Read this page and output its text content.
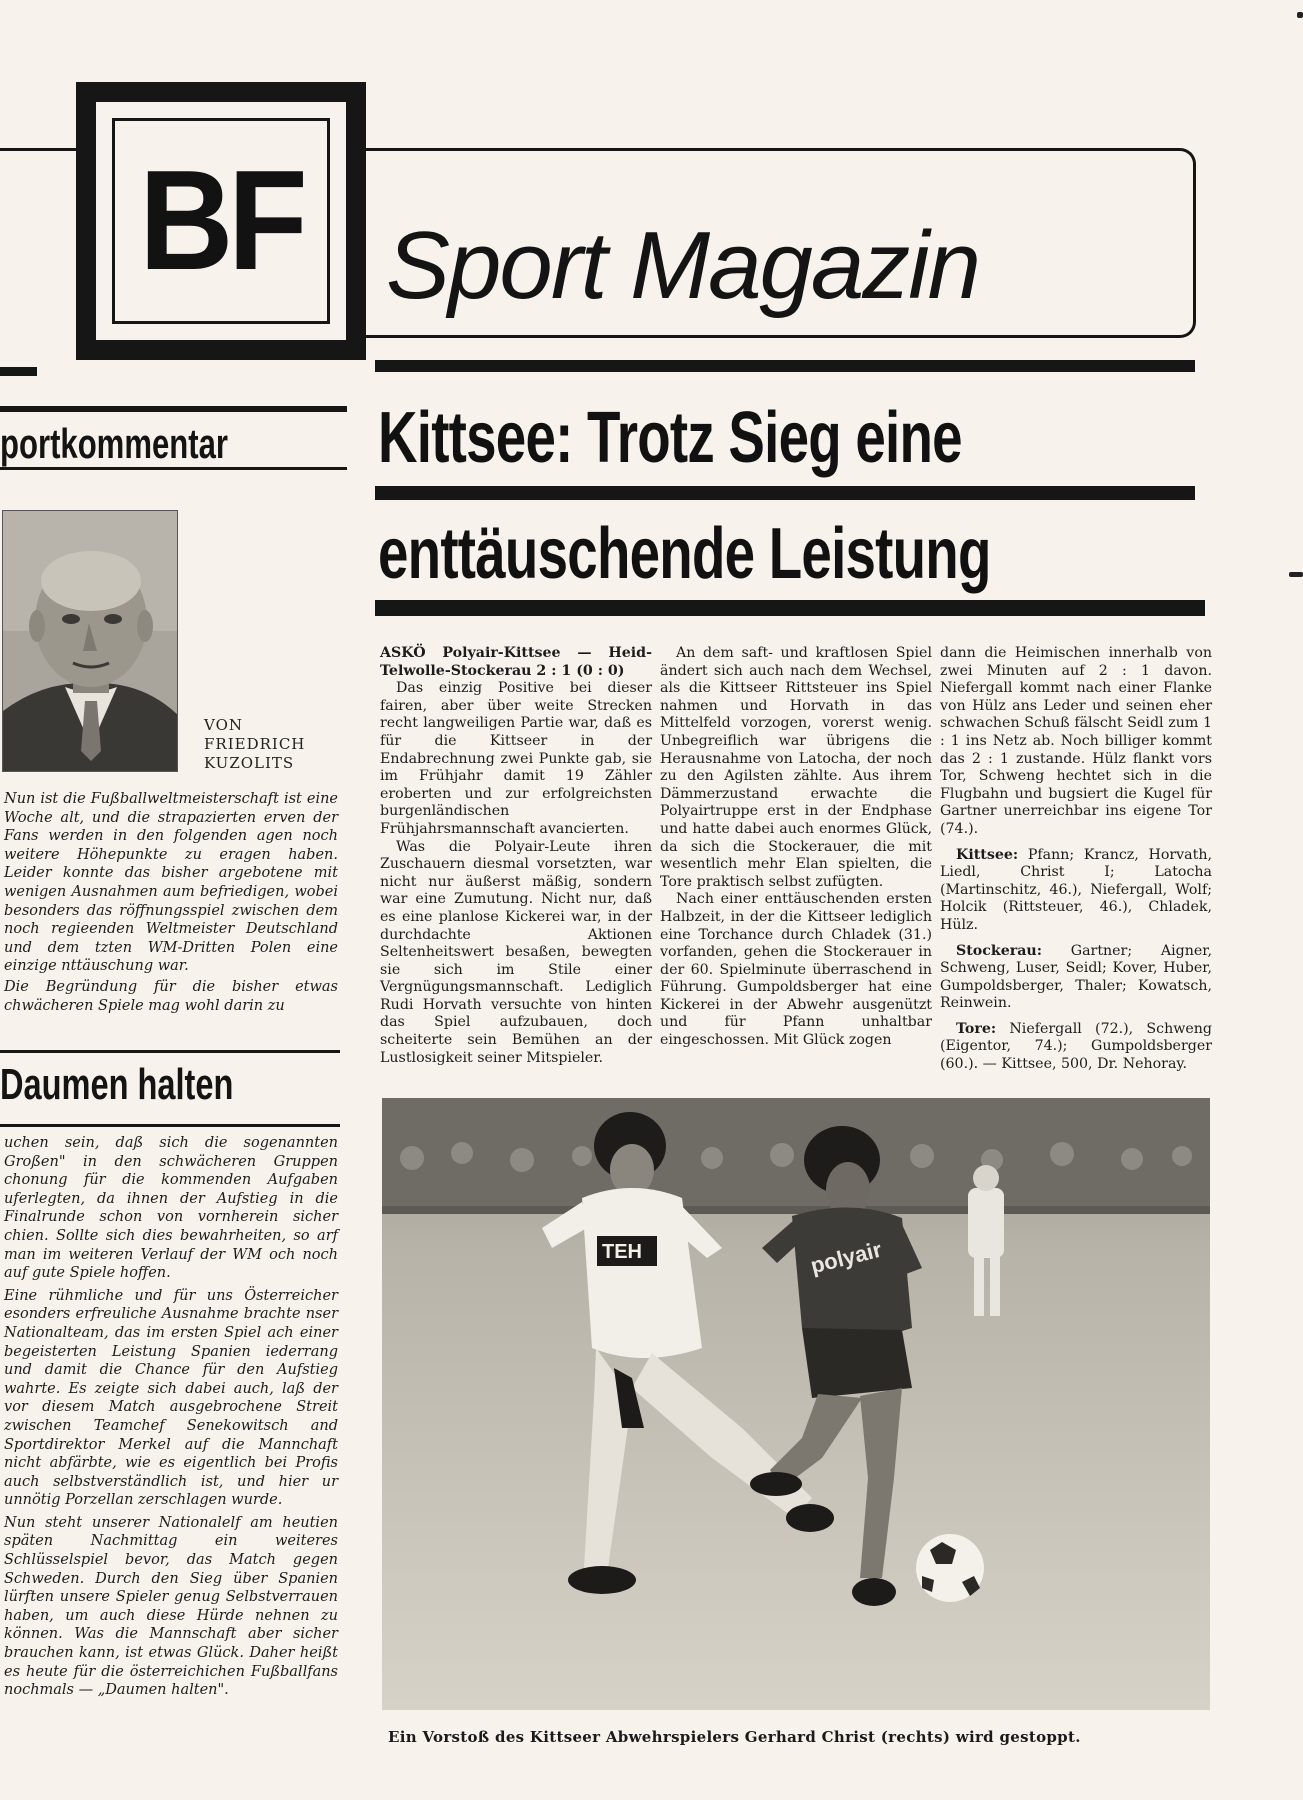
BF Sport Magazin
portkommentar
VON
FRIEDRICH
KUZOLITS

Nun ist die Fußballweltmeisterschaft ist eine Woche alt, und die strapazierten erven der Fans werden in den folgenden agen noch weitere Höhepunkte zu eragen haben. Leider konnte das bisher argebotene mit wenigen Ausnahmen aum befriedigen, wobei besonders das röffnungsspiel zwischen dem noch regieenden Weltmeister Deutschland und dem tzten WM-Dritten Polen eine einzige nttäuschung war.

Die Begründung für die bisher etwas chwächeren Spiele mag wohl darin zu

Daumen halten

uchen sein, daß sich die sogenannten Großen" in den schwächeren Gruppen chonung für die kommenden Aufgaben uferlegten, da ihnen der Aufstieg in die Finalrunde schon von vornherein sicher chien. Sollte sich dies bewahrheiten, so arf man im weiteren Verlauf der WM och noch auf gute Spiele hoffen.

Eine rühmliche und für uns Österreicher esonders erfreuliche Ausnahme brachte nser Nationalteam, das im ersten Spiel ach einer begeisterten Leistung Spanien iederrang und damit die Chance für den Aufstieg wahrte. Es zeigte sich dabei auch, laß der vor diesem Match ausgebrochene Streit zwischen Teamchef Senekowitsch and Sportdirektor Merkel auf die Mannchaft nicht abfärbte, wie es eigentlich bei Profis auch selbstverständlich ist, und hier ur unnötig Porzellan zerschlagen wurde.

Nun steht unserer Nationalelf am heutien späten Nachmittag ein weiteres Schlüsselspiel bevor, das Match gegen Schweden. Durch den Sieg über Spanien lürften unsere Spieler genug Selbstverrauen haben, um auch diese Hürde nehnen zu können. Was die Mannschaft aber sicher brauchen kann, ist etwas Glück. Daher heißt es heute für die österreichichen Fußballfans nochmals — „Daumen halten".

Kittsee: Trotz Sieg eine
enttäuschende Leistung

ASKÖ Polyair-Kittsee — Heid-Telwolle-Stockerau 2 : 1 (0 : 0)

Das einzig Positive bei dieser fairen, aber über weite Strecken recht langweiligen Partie war, daß es für die Kittseer in der Endabrechnung zwei Punkte gab, sie im Frühjahr damit 19 Zähler eroberten und zur erfolgreichsten burgenländischen Frühjahrsmannschaft avancierten.

Was die Polyair-Leute ihren Zuschauern diesmal vorsetzten, war nicht nur äußerst mäßig, sondern war eine Zumutung. Nicht nur, daß es eine planlose Kickerei war, in der durchdachte Aktionen Seltenheitswert besaßen, bewegten sie sich im Stile einer Vergnügungsmannschaft. Lediglich Rudi Horvath versuchte von hinten das Spiel aufzubauen, doch scheiterte sein Bemühen an der Lustlosigkeit seiner Mitspieler.

An dem saft- und kraftlosen Spiel ändert sich auch nach dem Wechsel, als die Kittseer Rittsteuer ins Spiel nahmen und Horvath in das Mittelfeld vorzogen, vorerst wenig. Unbegreiflich war übrigens die Herausnahme von Latocha, der noch zu den Agilsten zählte. Aus ihrem Dämmerzustand erwachte die Polyairtruppe erst in der Endphase und hatte dabei auch enormes Glück, da sich die Stockerauer, die mit wesentlich mehr Elan spielten, die Tore praktisch selbst zufügten.

Nach einer enttäuschenden ersten Halbzeit, in der die Kittseer lediglich eine Torchance durch Chladek (31.) vorfanden, gehen die Stockerauer in der 60. Spielminute überraschend in Führung. Gumpoldsberger hat eine Kickerei in der Abwehr ausgenützt und für Pfann unhaltbar eingeschossen. Mit Glück zogen

dann die Heimischen innerhalb von zwei Minuten auf 2 : 1 davon. Niefergall kommt nach einer Flanke von Hülz ans Leder und seinen eher schwachen Schuß fälscht Seidl zum 1 : 1 ins Netz ab. Noch billiger kommt das 2 : 1 zustande. Hülz flankt vors Tor, Schweng hechtet sich in die Flugbahn und bugsiert die Kugel für Gartner unerreichbar ins eigene Tor (74.).

Kittsee: Pfann; Krancz, Horvath, Liedl, Christ I; Latocha (Martinschitz, 46.), Niefergall, Wolf; Holcik (Rittsteuer, 46.), Chladek, Hülz.

Stockerau: Gartner; Aigner, Schweng, Luser, Seidl; Kover, Huber, Gumpoldsberger, Thaler; Kowatsch, Reinwein.

Tore: Niefergall (72.), Schweng (Eigentor, 74.); Gumpoldsberger (60.). — Kittsee, 500, Dr. Nehoray.

TEH	polyair
Ein Vorstoß des Kittseer Abwehrspielers Gerhard Christ (rechts) wird gestoppt.
